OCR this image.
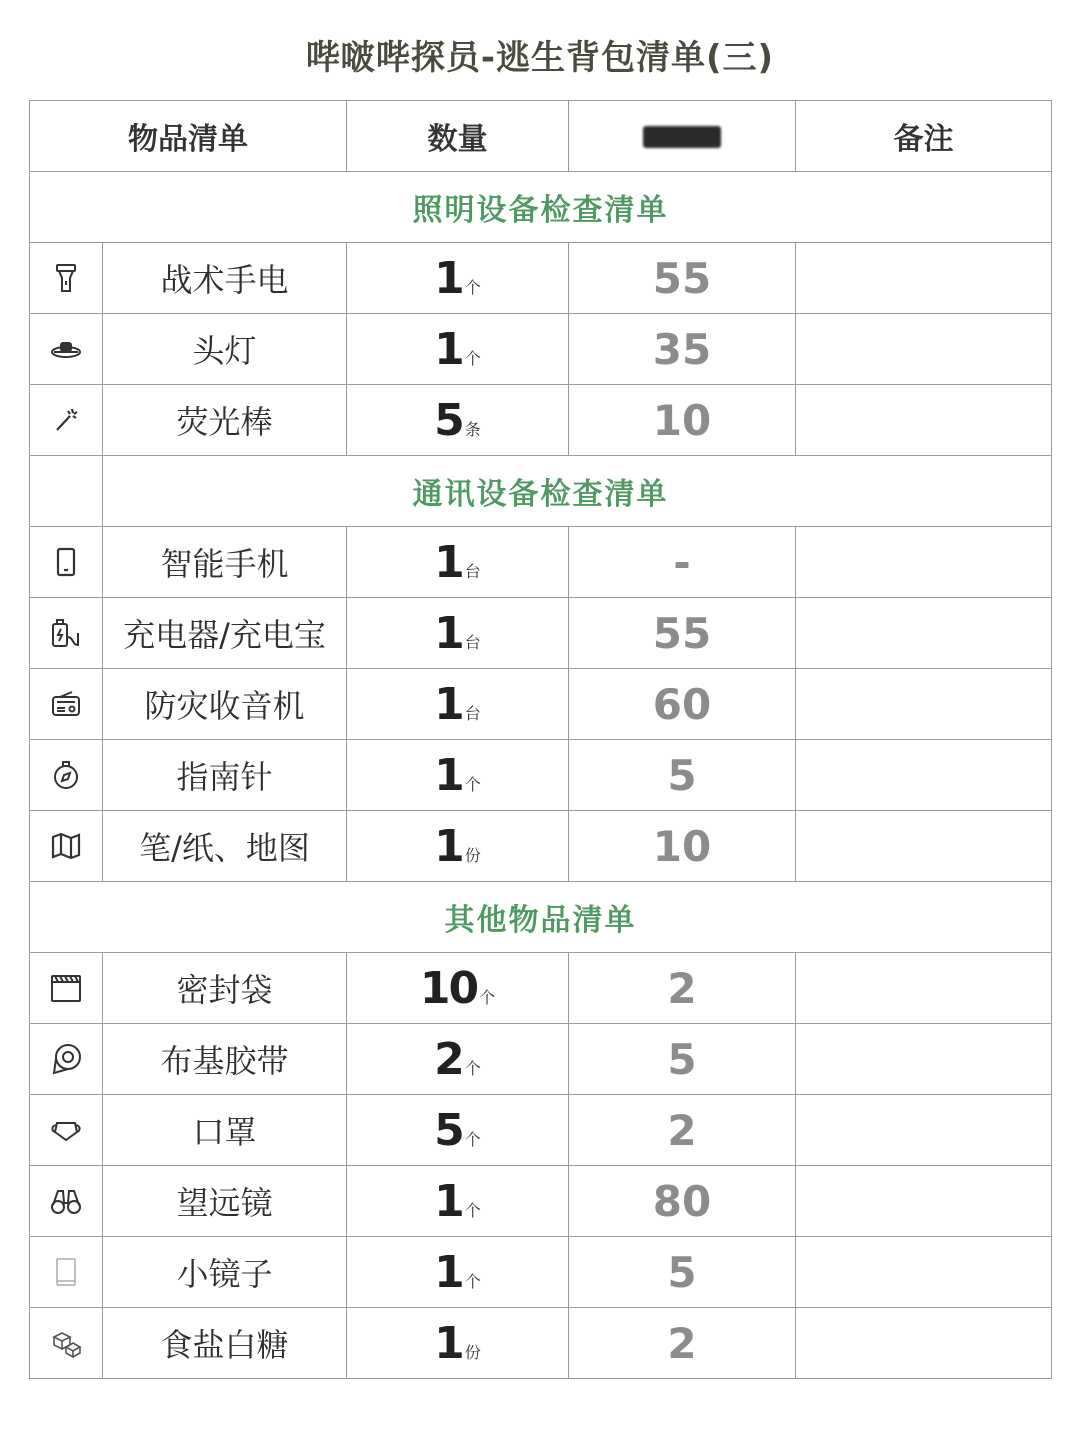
哔啵哔探员-逃生背包清单(三)
物品清单		数量		备注
照明设备检查清单				

	战术手电	1 个	55	

	头灯	1 个	35	

	荧光棒	5 条	10	
	通讯设备检查清单			

	智能手机	1 台	-	

	充电器/充电宝	1 台	55	

	防灾收音机	1 台	60	

	指南针	1 个	5	

	笔/纸、地图	1 份	10	
其他物品清单				

	密封袋	10 个	2	

	布基胶带	2 个	5	

	口罩	5 个	2	

	望远镜	1 个	80	

	小镜子	1 个	5	

	食盐白糖	1 份	2	
